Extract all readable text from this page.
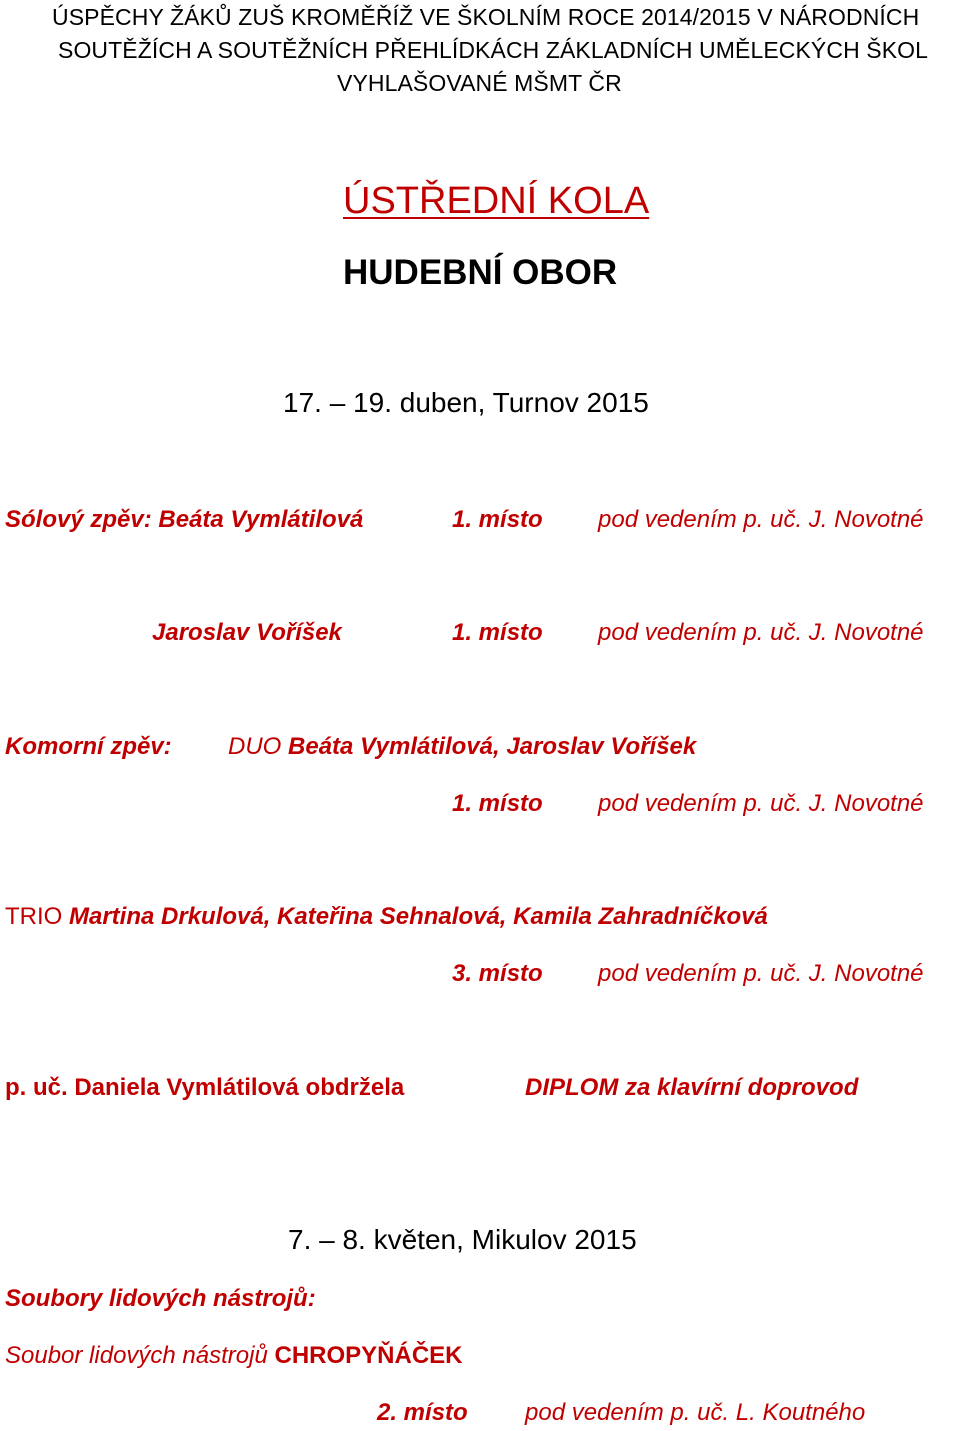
ÚSPĚCHY ŽÁKŮ ZUŠ KROMĚŘÍŽ VE ŠKOLNÍM ROCE 2014/2015 V NÁRODNÍCH
SOUTĚŽÍCH A SOUTĚŽNÍCH PŘEHLÍDKÁCH ZÁKLADNÍCH UMĚLECKÝCH ŠKOL
VYHLAŠOVANÉ MŠMT ČR
ÚSTŘEDNÍ KOLA
HUDEBNÍ OBOR
17. – 19. duben, Turnov 2015
Sólový zpěv: Beáta Vymlátilová	1. místo pod vedením p. uč. J. Novotné
Jaroslav Voříšek	1. místo pod vedením p. uč. J. Novotné
Komorní zpěv: DUO Beáta Vymlátilová, Jaroslav Voříšek
1. místo pod vedením p. uč. J. Novotné
TRIO Martina Drkulová, Kateřina Sehnalová, Kamila Zahradníčková
3. místo pod vedením p. uč. J. Novotné
p. uč. Daniela Vymlátilová obdržela	DIPLOM za klavírní doprovod
7. – 8. květen, Mikulov 2015
Soubory lidových nástrojů:
Soubor lidových nástrojů CHROPYŇÁČEK
2. místo pod vedením p. uč. L. Koutného
